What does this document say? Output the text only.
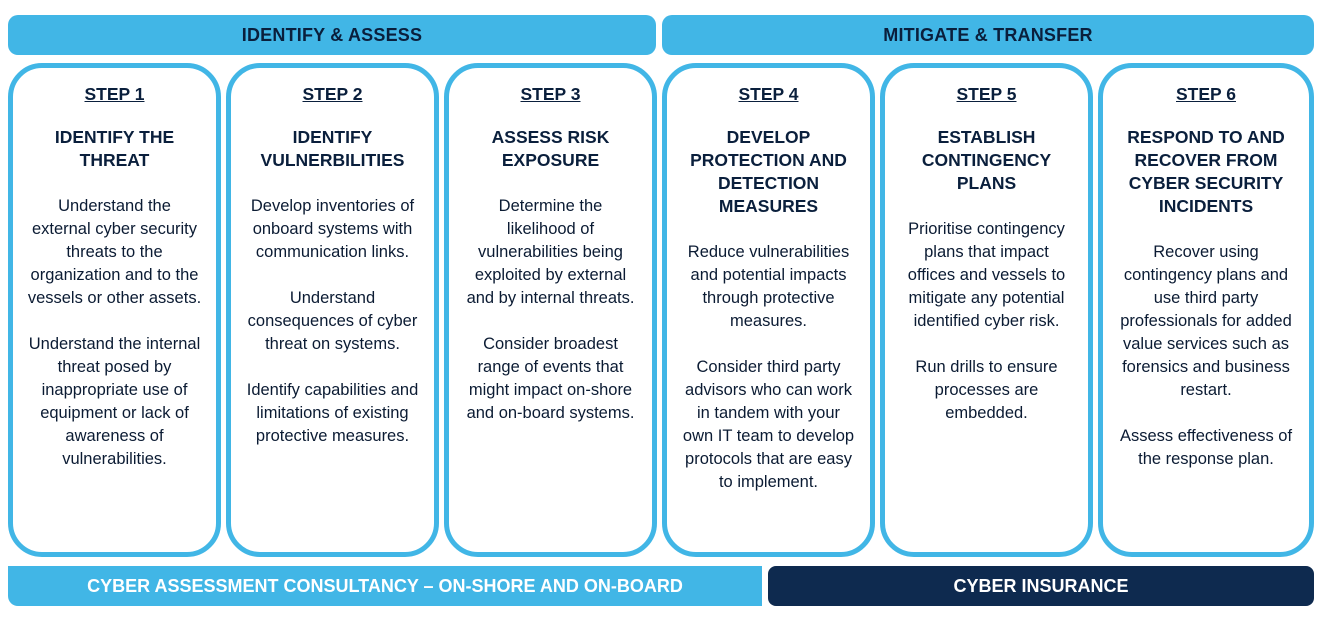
IDENTIFY & ASSESS	MITIGATE & TRANSFER
STEP 1
IDENTIFY THE THREAT
Understand the external cyber security threats to the organization and to the vessels or other assets.
Understand the internal threat posed by inappropriate use of equipment or lack of awareness of vulnerabilities.
STEP 2
IDENTIFY VULNERBILITIES
Develop inventories of onboard systems with communication links.
Understand consequences of cyber threat on systems.
Identify capabilities and limitations of existing protective measures.
STEP 3
ASSESS RISK EXPOSURE
Determine the likelihood of vulnerabilities being exploited by external and by internal threats.
Consider broadest range of events that might impact on-shore and on-board systems.
STEP 4
DEVELOP PROTECTION AND DETECTION MEASURES
Reduce vulnerabilities and potential impacts through protective measures.
Consider third party advisors who can work in tandem with your own IT team to develop protocols that are easy to implement.
STEP 5
ESTABLISH CONTINGENCY PLANS
Prioritise contingency plans that impact offices and vessels to mitigate any potential identified cyber risk.
Run drills to ensure processes are embedded.
STEP 6
RESPOND TO AND RECOVER FROM CYBER SECURITY INCIDENTS
Recover using contingency plans and use third party professionals for added value services such as forensics and business restart.
Assess effectiveness of the response plan.
CYBER ASSESSMENT CONSULTANCY – ON-SHORE AND ON-BOARD	CYBER INSURANCE
